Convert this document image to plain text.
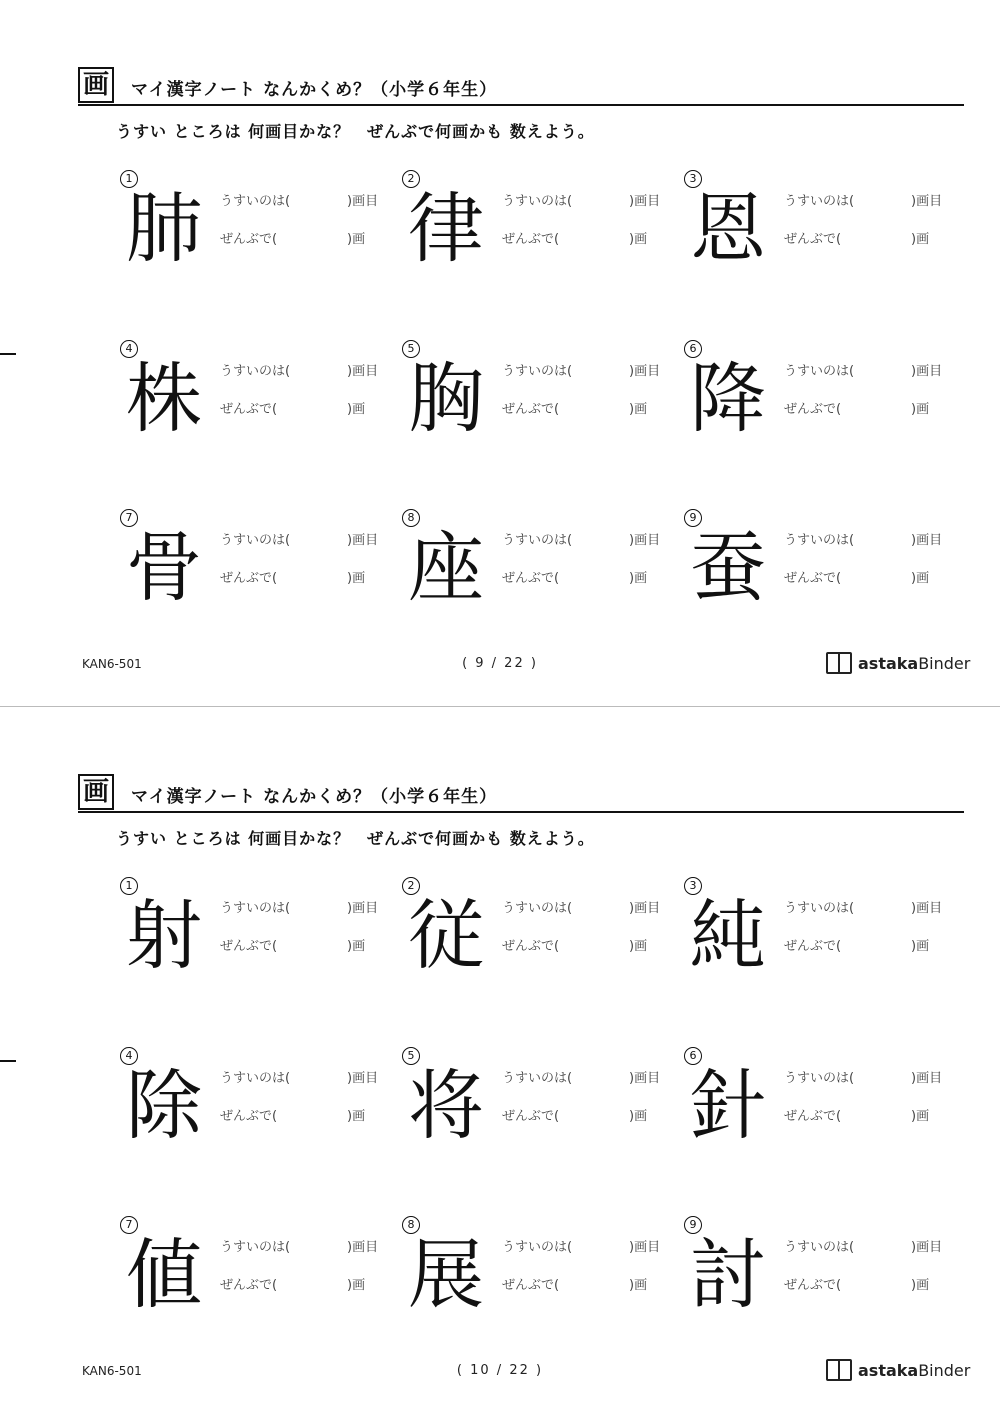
画 マイ漢字ノート なんかくめ？（小学６年生）
うすい ところは 何画目かな？　ぜんぶで何画かも 数えよう。
1
肺 うすいのは(	)画目
ぜんぶで(	)画
2
律 うすいのは(	)画目
ぜんぶで(	)画
3
恩 うすいのは(	)画目
ぜんぶで(	)画
4
株 うすいのは(	)画目
ぜんぶで(	)画
5
胸 うすいのは(	)画目
ぜんぶで(	)画
6
降 うすいのは(	)画目
ぜんぶで(	)画
7
骨 うすいのは(	)画目
ぜんぶで(	)画
8
座 うすいのは(	)画目
ぜんぶで(	)画
9
蚕 うすいのは(	)画目
ぜんぶで(	)画
KAN6-501	( 9 / 22 )	astakaBinder
画 マイ漢字ノート なんかくめ？（小学６年生）
うすい ところは 何画目かな？　ぜんぶで何画かも 数えよう。
1
射 うすいのは(	)画目
ぜんぶで(	)画
2
従 うすいのは(	)画目
ぜんぶで(	)画
3
純 うすいのは(	)画目
ぜんぶで(	)画
4
除 うすいのは(	)画目
ぜんぶで(	)画
5
将 うすいのは(	)画目
ぜんぶで(	)画
6
針 うすいのは(	)画目
ぜんぶで(	)画
7
値 うすいのは(	)画目
ぜんぶで(	)画
8
展 うすいのは(	)画目
ぜんぶで(	)画
9
討 うすいのは(	)画目
ぜんぶで(	)画
KAN6-501	( 10 / 22 )	astakaBinder
